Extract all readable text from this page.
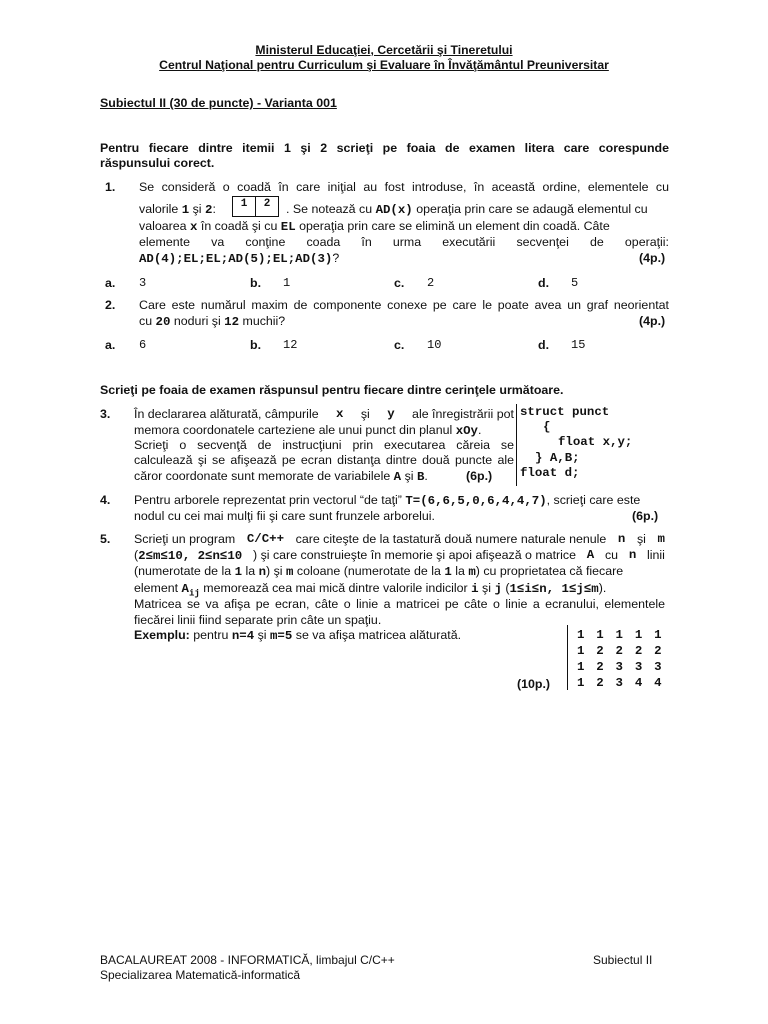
Ministerul Educaţiei, Cercetării şi Tineretului
Centrul Naţional pentru Curriculum şi Evaluare în Învăţământul Preuniversitar
Subiectul II (30 de puncte) - Varianta 001
Pentru fiecare dintre itemii 1 şi 2 scrieţi pe foaia de examen litera care corespunde
răspunsului corect.
1. Se consideră o coadă în care iniţial au fost introduse, în această ordine, elementele cu
valorile 1 şi 2:	1	2	. Se notează cu AD(x) operaţia prin care se adaugă elementul cu
valoarea x în coadă şi cu EL operaţia prin care se elimină un element din coadă. Câte
elemente va conţine coada în urma executării secvenţei de operaţii:
AD(4);EL;EL;AD(5);EL;AD(3)?	(4p.)
a. 3	b. 1	c. 2	d. 5
2. Care este numărul maxim de componente conexe pe care le poate avea un graf neorientat
cu 20 noduri şi 12 muchii?	(4p.)
a. 6	b. 12	c. 10	d. 15
Scrieţi pe foaia de examen răspunsul pentru fiecare dintre cerinţele următoare.
3. În declararea alăturată, câmpurile x şi y ale înregistrării pot
memora coordonatele carteziene ale unui punct din planul xOy.
Scrieţi o secvenţă de instrucţiuni prin executarea căreia se
calculează şi se afişează pe ecran distanţa dintre două puncte ale
căror coordonate sunt memorate de variabilele A şi B.	(6p.)
struct punct
{
float x,y;
} A,B;
float d;
4. Pentru arborele reprezentat prin vectorul “de taţi” T=(6,6,5,0,6,4,4,7), scrieţi care este
nodul cu cei mai mulţi fii şi care sunt frunzele arborelui.	(6p.)
5. Scrieţi un program C/C++ care citeşte de la tastatură două numere naturale nenule n şi m
(2≤m≤10, 2≤n≤10 ) şi care construieşte în memorie şi apoi afişează o matrice A cu n linii
(numerotate de la 1 la n) şi m coloane (numerotate de la 1 la m) cu proprietatea că fiecare
element $A_{ij}$ memorează cea mai mică dintre valorile indicilor i şi j (1≤i≤n, 1≤j≤m).
Matricea se va afişa pe ecran, câte o linie a matricei pe câte o linie a ecranului, elementele
fiecărei linii fiind separate prin câte un spaţiu.
Exemplu: pentru n=4 şi m=5 se va afişa matricea alăturată.
(10p.)
1 1 1 1 1
1 2 2 2 2
1 2 3 3 3
1 2 3 4 4
BACALAUREAT 2008 - INFORMATICĂ, limbajul C/C++
Specializarea Matematică-informatică
Subiectul II
